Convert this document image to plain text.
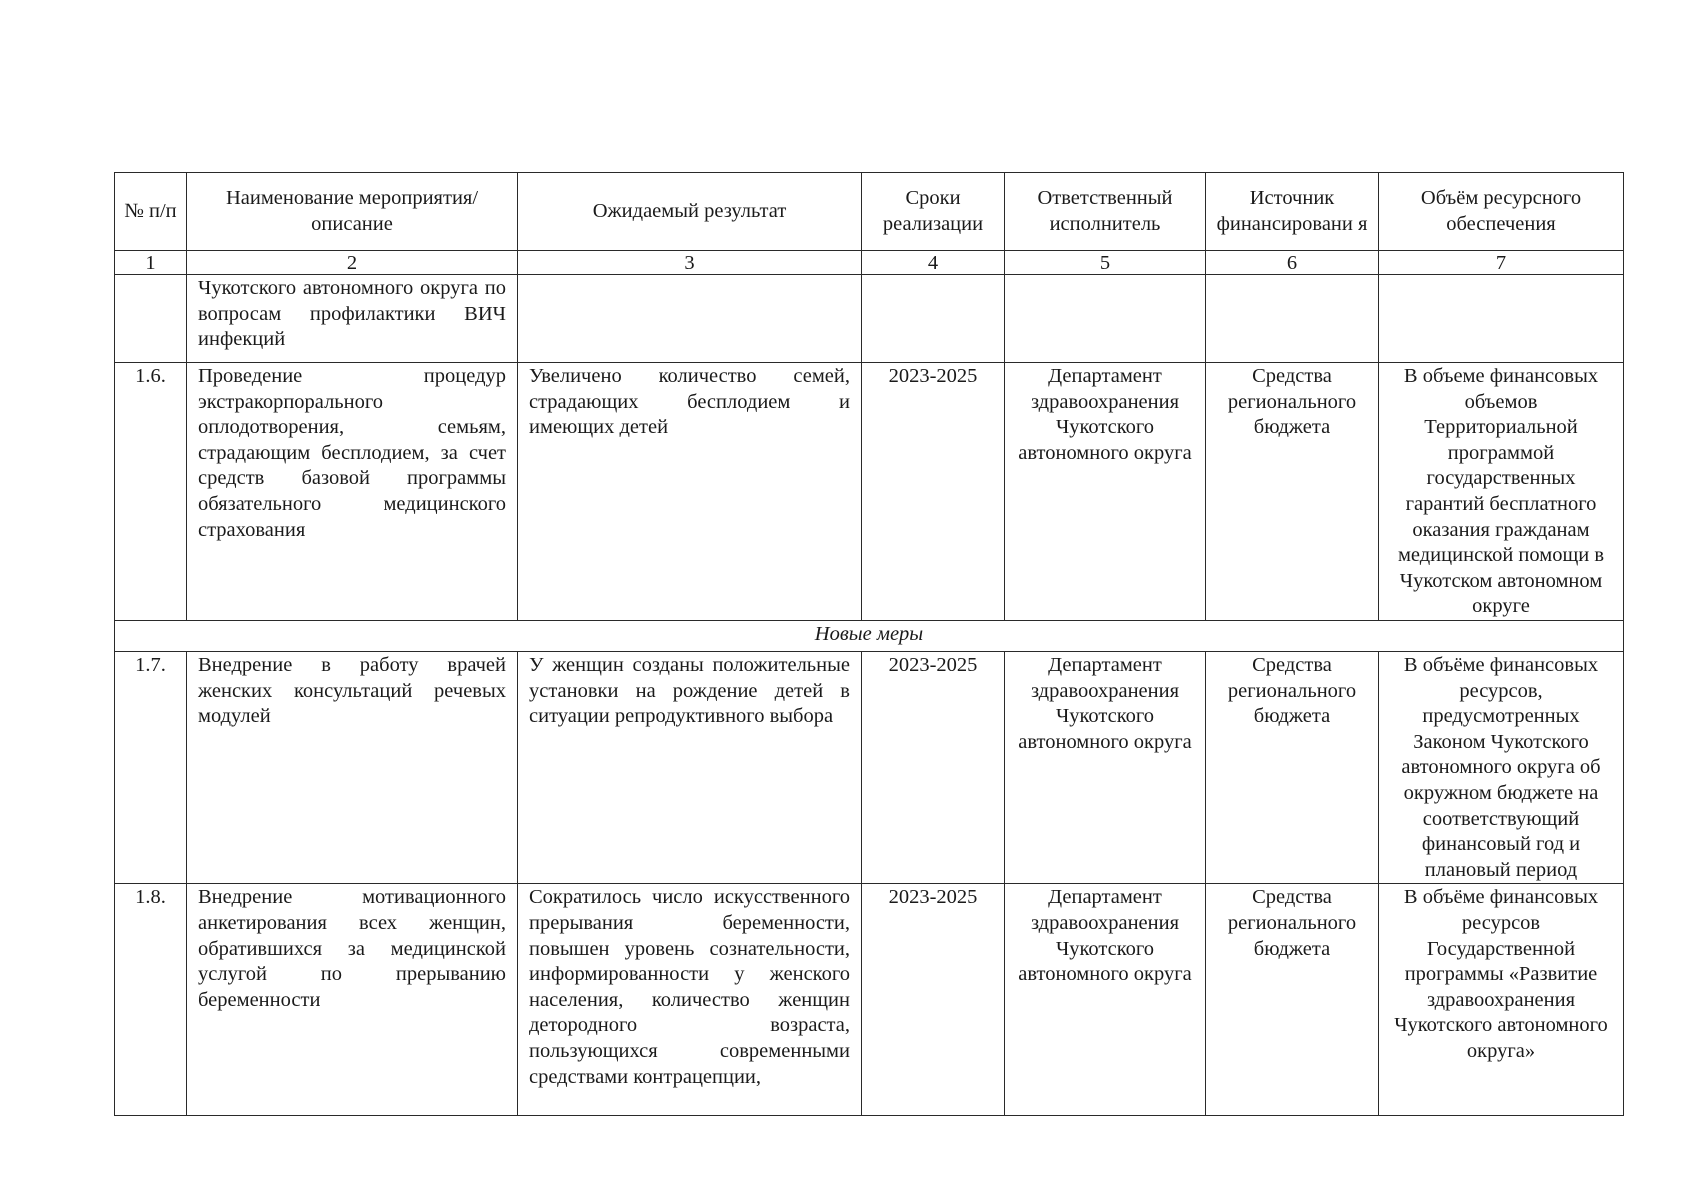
№ п/п	Наименование мероприятия/ описание	Ожидаемый результат	Сроки реализации	Ответственный исполнитель	Источник финансировани я	Объём ресурсного обеспечения
1	2	3	4	5	6	7
	Чукотского автономного округа по вопросам профилактики ВИЧ инфекций					
1.6.	Проведение процедур экстракорпорального оплодотворения, семьям, страдающим бесплодием, за счет средств базовой программы обязательного медицинского страхования	Увеличено количество семей, страдающих бесплодием и имеющих детей	2023-2025	Департамент здравоохранения Чукотского автономного округа	Средства регионального бюджета	В объеме финансовых объемов Территориальной программой государственных гарантий бесплатного оказания гражданам медицинской помощи в Чукотском автономном округе
Новые меры						
1.7.	Внедрение в работу врачей женских консультаций речевых модулей	У женщин созданы положительные установки на рождение детей в ситуации репродуктивного выбора	2023-2025	Департамент здравоохранения Чукотского автономного округа	Средства регионального бюджета	В объёме финансовых ресурсов, предусмотренных Законом Чукотского автономного округа об окружном бюджете на соответствующий финансовый год и плановый период
1.8.	Внедрение мотивационного анкетирования всех женщин, обратившихся за медицинской услугой по прерыванию беременности	Сократилось число искусственного прерывания беременности, повышен уровень сознательности, информированности у женского населения, количество женщин детородного возраста, пользующихся современными средствами контрацепции,	2023-2025	Департамент здравоохранения Чукотского автономного округа	Средства регионального бюджета	В объёме финансовых ресурсов Государственной программы «Развитие здравоохранения Чукотского автономного округа»
